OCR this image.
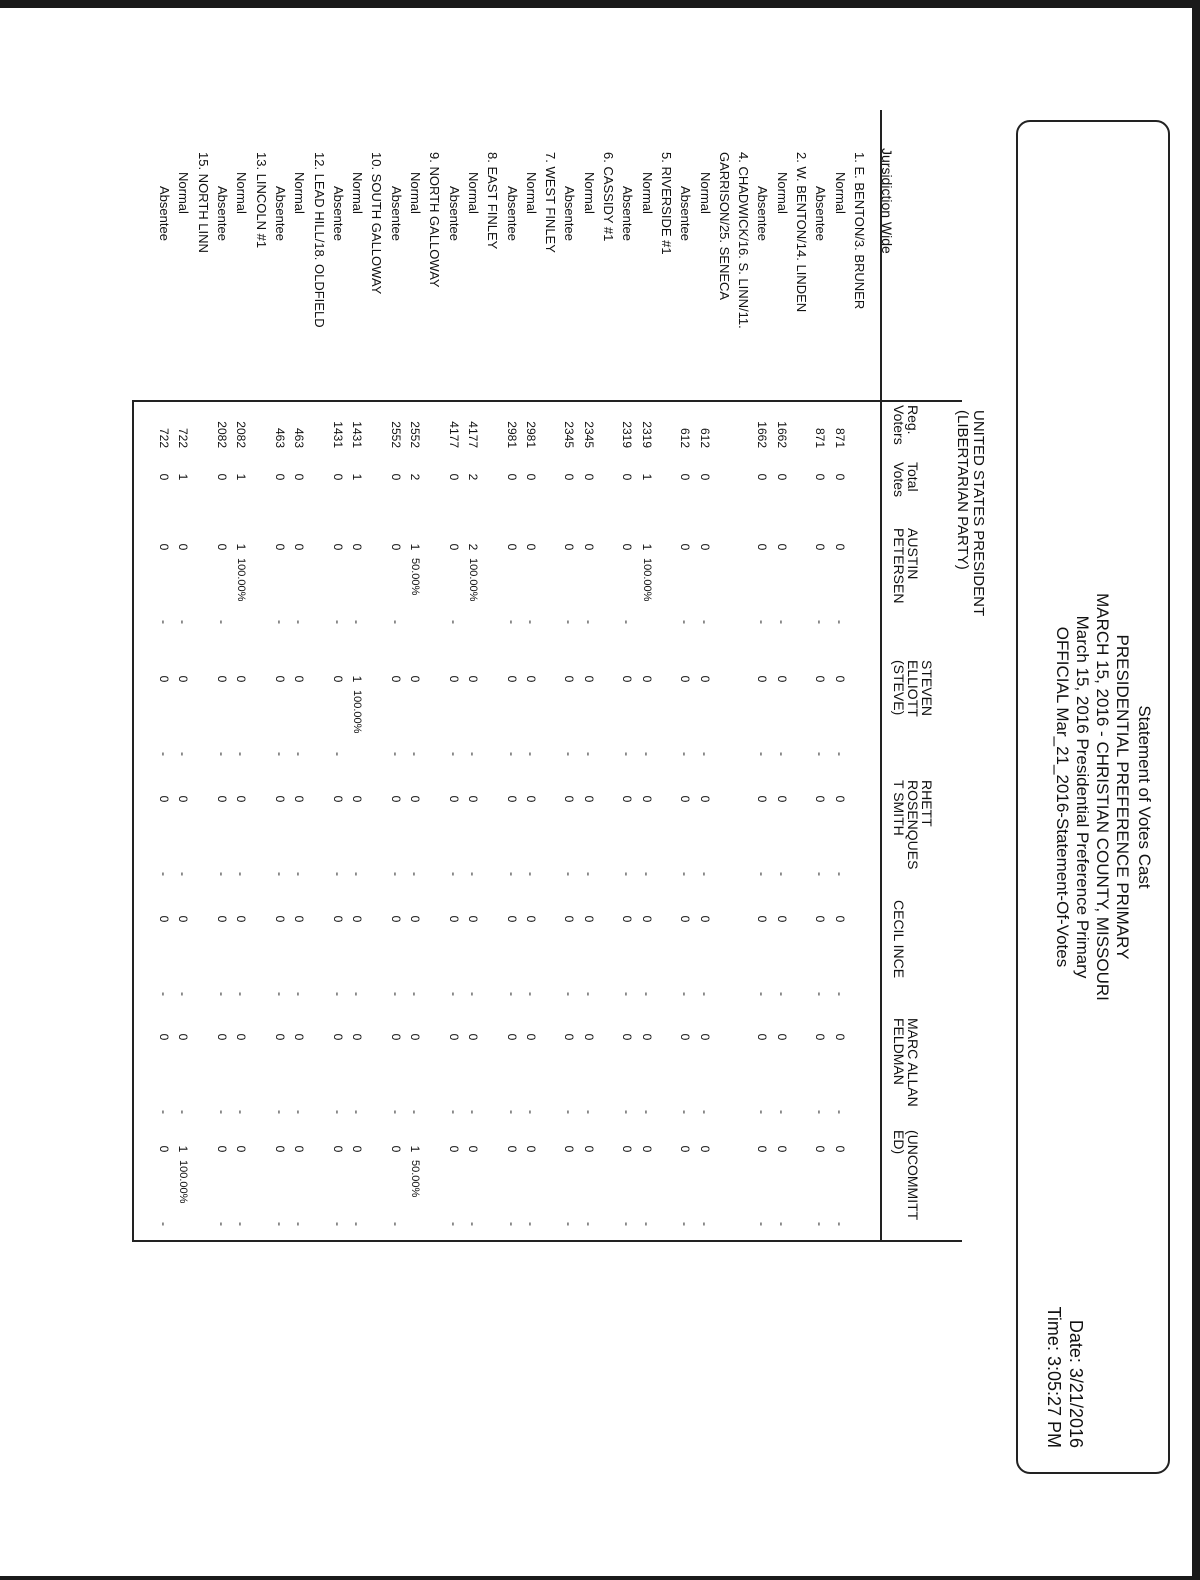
Statement of Votes Cast
PRESIDENTIAL PREFERENCE PRIMARY
MARCH 15, 2016 - CHRISTIAN COUNTY, MISSOURI
March 15, 2016 Presidential Preference Primary
OFFICIAL Mar_21_2016-Statement-Of-Votes
Date: 3/21/2016
Time: 3:05:27 PM
UNITED STATES PRESIDENT
(LIBERTARIAN PARTY)
Jursidiction Wide
Reg.
Voters
Total
Votes
AUSTIN
PETERSEN
STEVEN
ELLIOTT
(STEVE)
RHETT
ROSENQUES
T SMITH
CECIL INCE
MARC ALLAN
FELDMAN
(UNCOMMITT
ED)
1. E. BENTON/3. BRUNER
Normal
871
0
0
-
0
-
0
-
0
-
0
-
0
-
Absentee
871
0
0
-
0
-
0
-
0
-
0
-
0
-
2. W. BENTON/14. LINDEN
Normal
1662
0
0
-
0
-
0
-
0
-
0
-
0
-
Absentee
1662
0
0
-
0
-
0
-
0
-
0
-
0
-
4. CHADWICK/16. S. LINN/11.
GARRISON/25. SENECA
Normal
612
0
0
-
0
-
0
-
0
-
0
-
0
-
Absentee
612
0
0
-
0
-
0
-
0
-
0
-
0
-
5. RIVERSIDE #1
Normal
2319
1
1
100.00%
0
-
0
-
0
-
0
-
0
-
Absentee
2319
0
0
-
0
-
0
-
0
-
0
-
0
-
6. CASSIDY #1
Normal
2345
0
0
-
0
-
0
-
0
-
0
-
0
-
Absentee
2345
0
0
-
0
-
0
-
0
-
0
-
0
-
7. WEST FINLEY
Normal
2981
0
0
-
0
-
0
-
0
-
0
-
0
-
Absentee
2981
0
0
-
0
-
0
-
0
-
0
-
0
-
8. EAST FINLEY
Normal
4177
2
2
100.00%
0
-
0
-
0
-
0
-
0
-
Absentee
4177
0
0
-
0
-
0
-
0
-
0
-
0
-
9. NORTH GALLOWAY
Normal
2552
2
1
50.00%
0
-
0
-
0
-
0
-
1
50.00%
Absentee
2552
0
0
-
0
-
0
-
0
-
0
-
0
-
10. SOUTH GALLOWAY
Normal
1431
1
0
-
1
100.00%
0
-
0
-
0
-
0
-
Absentee
1431
0
0
-
0
-
0
-
0
-
0
-
0
-
12. LEAD HILL/18. OLDFIELD
Normal
463
0
0
-
0
-
0
-
0
-
0
-
0
-
Absentee
463
0
0
-
0
-
0
-
0
-
0
-
0
-
13. LINCOLN #1
Normal
2082
1
1
100.00%
0
-
0
-
0
-
0
-
0
-
Absentee
2082
0
0
-
0
-
0
-
0
-
0
-
0
-
15. NORTH LINN
Normal
722
1
0
-
0
-
0
-
0
-
0
-
1
100.00%
Absentee
722
0
0
-
0
-
0
-
0
-
0
-
0
-
